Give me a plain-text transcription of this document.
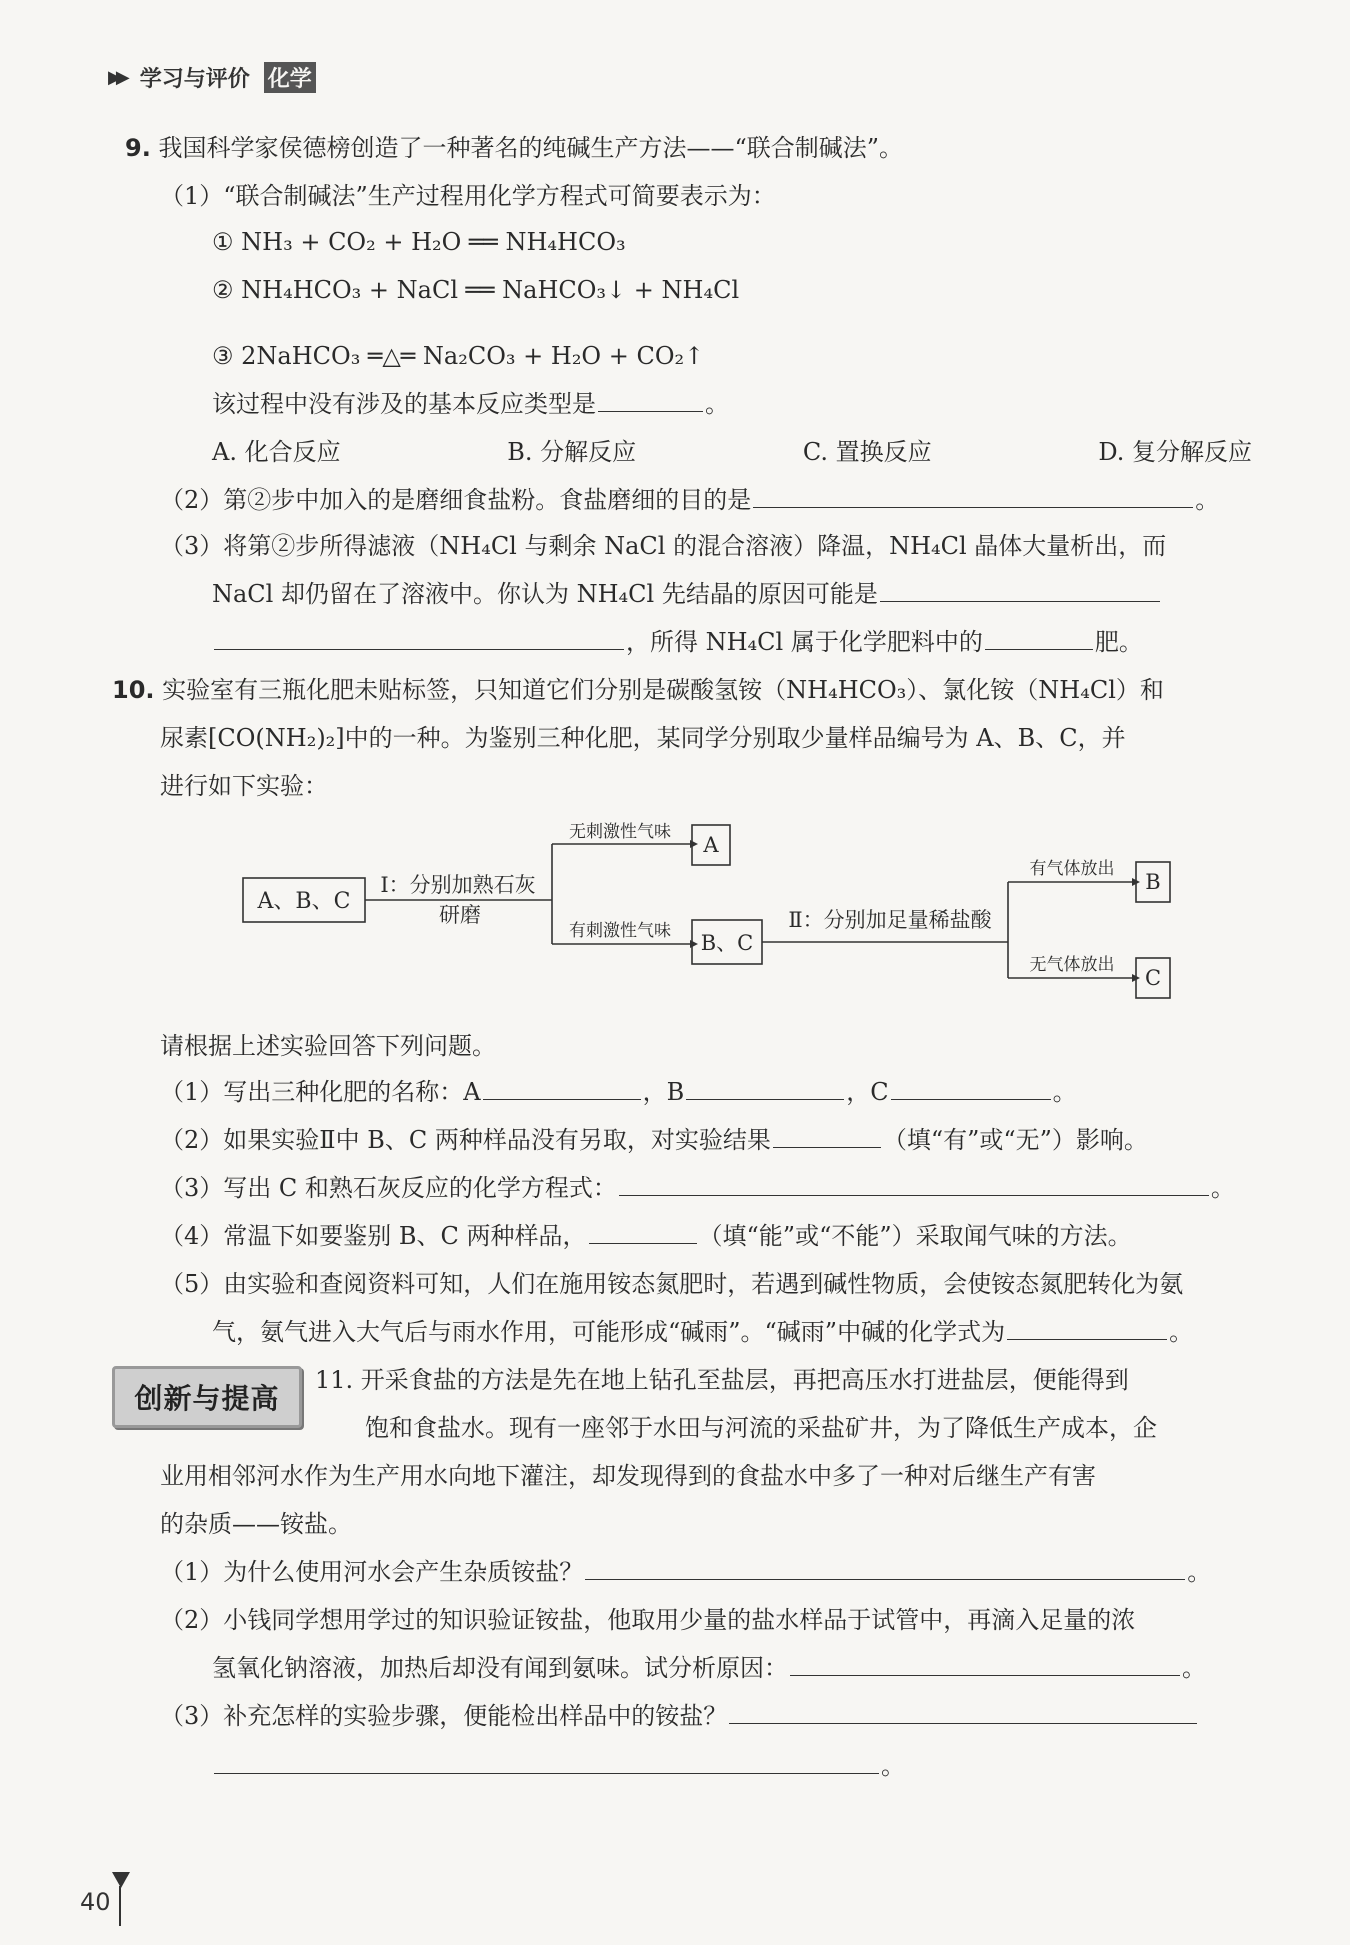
▶▶ 学习与评价 化学
9. 我国科学家侯德榜创造了一种著名的纯碱生产方法——“联合制碱法”。
（1）“联合制碱法”生产过程用化学方程式可简要表示为：
① NH₃ + CO₂ + H₂O ══ NH₄HCO₃
② NH₄HCO₃ + NaCl ══ NaHCO₃↓ + NH₄Cl
③ 2NaHCO₃ ═△═ Na₂CO₃ + H₂O + CO₂↑
该过程中没有涉及的基本反应类型是	。
A. 化合反应	B. 分解反应	C. 置换反应	D. 复分解反应
（2）第②步中加入的是磨细食盐粉。食盐磨细的目的是	。
（3）将第②步所得滤液（NH₄Cl 与剩余 NaCl 的混合溶液）降温，NH₄Cl 晶体大量析出，而
NaCl 却仍留在了溶液中。你认为 NH₄Cl 先结晶的原因可能是
，所得 NH₄Cl 属于化学肥料中的	肥。
10. 实验室有三瓶化肥未贴标签，只知道它们分别是碳酸氢铵（NH₄HCO₃）、氯化铵（NH₄Cl）和
尿素[CO(NH₂)₂]中的一种。为鉴别三种化肥，某同学分别取少量样品编号为 A、B、C，并
进行如下实验：
A、B、C
Ⅰ：分别加熟石灰
研磨
无刺激性气味
有刺激性气味
A
B、C
Ⅱ：分别加足量稀盐酸
有气体放出
无气体放出
B
C
请根据上述实验回答下列问题。
（1）写出三种化肥的名称：A	，B	，C	。
（2）如果实验Ⅱ中 B、C 两种样品没有另取，对实验结果	（填“有”或“无”）影响。
（3）写出 C 和熟石灰反应的化学方程式：	。
（4）常温下如要鉴别 B、C 两种样品，	（填“能”或“不能”）采取闻气味的方法。
（5）由实验和查阅资料可知，人们在施用铵态氮肥时，若遇到碱性物质，会使铵态氮肥转化为氨
气，氨气进入大气后与雨水作用，可能形成“碱雨”。“碱雨”中碱的化学式为	。
创新与提高
11. 开采食盐的方法是先在地上钻孔至盐层，再把高压水打进盐层，便能得到
饱和食盐水。现有一座邻于水田与河流的采盐矿井，为了降低生产成本，企
业用相邻河水作为生产用水向地下灌注，却发现得到的食盐水中多了一种对后继生产有害
的杂质——铵盐。
（1）为什么使用河水会产生杂质铵盐？	。
（2）小钱同学想用学过的知识验证铵盐，他取用少量的盐水样品于试管中，再滴入足量的浓
氢氧化钠溶液，加热后却没有闻到氨味。试分析原因：	。
（3）补充怎样的实验步骤，便能检出样品中的铵盐？
。
40
